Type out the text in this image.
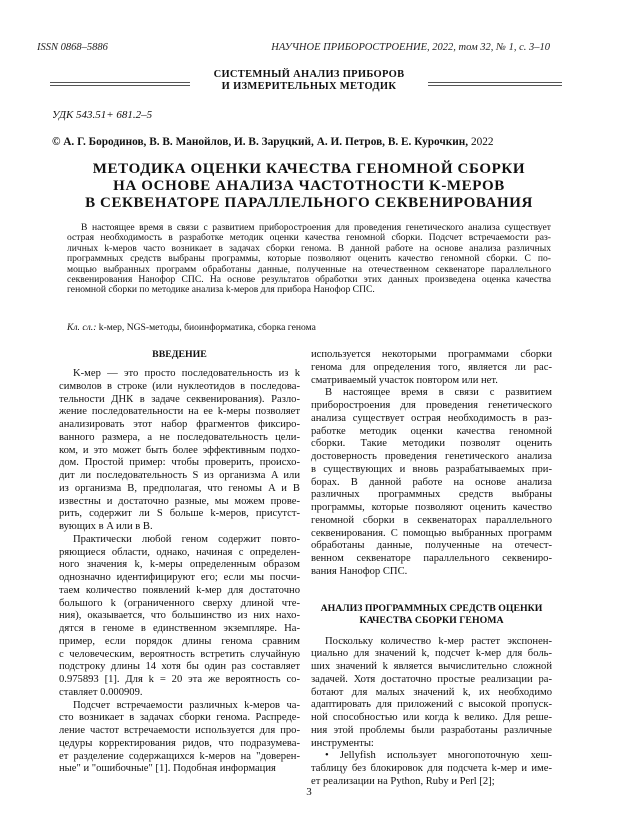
ISSN 0868–5886	НАУЧНОЕ ПРИБОРОСТРОЕНИЕ, 2022, том 32, № 1, c. 3–10
СИСТЕМНЫЙ АНАЛИЗ ПРИБОРОВ
И ИЗМЕРИТЕЛЬНЫХ МЕТОДИК
УДК 543.51+ 681.2–5
© А. Г. Бородинов, В. В. Манойлов, И. В. Заруцкий, А. И. Петров, В. Е. Курочкин, 2022
МЕТОДИКА ОЦЕНКИ КАЧЕСТВА ГЕНОМНОЙ СБОРКИ
НА ОСНОВЕ АНАЛИЗА ЧАСТОТНОСТИ K-МЕРОВ
В СЕКВЕНАТОРЕ ПАРАЛЛЕЛЬНОГО СЕКВЕНИРОВАНИЯ
В настоящее время в связи с развитием приборостроения для проведения генетического анализа существует
острая необходимость в разработке методик оценки качества геномной сборки. Подсчет встречаемости раз-
личных k-меров часто возникает в задачах сборки генома. В данной работе на основе анализа различных
программных средств выбраны программы, которые позволяют оценить качество геномной сборки. С по-
мощью выбранных программ обработаны данные, полученные на отечественном секвенаторе параллельного
секвенирования Нанофор СПС. На основе результатов обработки этих данных произведена оценка качества
геномной сборки по методике анализа k-меров для прибора Нанофор СПС.
Кл. сл.: k-мер, NGS-методы, биоинформатика, сборка генома
ВВЕДЕНИЕ
K-мер — это просто последовательность из k
символов в строке (или нуклеотидов в последова-
тельности ДНК в задаче секвенирования). Разло-
жение последовательности на ее k-меры позволяет
анализировать этот набор фрагментов фиксиро-
ванного размера, а не последовательность цели-
ком, и это может быть более эффективным подхо-
дом. Простой пример: чтобы проверить, происхо-
дит ли последовательность S из организма A или
из организма B, предполагая, что геномы A и B
известны и достаточно разные, мы можем прове-
рить, содержит ли S больше k-меров, присутст-
вующих в A или в B.
Практически любой геном содержит повто-
ряющиеся области, однако, начиная с определен-
ного значения k, k-меры определенным образом
однозначно идентифицируют его; если мы посчи-
таем количество появлений k-мер для достаточно
большого k (ограниченного сверху длиной чте-
ния), оказывается, что большинство из них нахо-
дятся в геноме в единственном экземпляре. На-
пример, если порядок длины генома сравним
с человеческим, вероятность встретить случайную
подстроку длины 14 хотя бы один раз составляет
0.975893 [1]. Для k = 20 эта же вероятность со-
ставляет 0.000909.
Подсчет встречаемости различных k-меров ча-
сто возникает в задачах сборки генома. Распреде-
ление частот встречаемости используется для про-
цедуры корректирования ри́дов, что подразумева-
ет разделение содержащихся k-меров на "доверен-
ные" и "ошибочные" [1]. Подобная информация
используется некоторыми программами сборки
генома для определения того, является ли рас-
сматриваемый участок повтором или нет.
В настоящее время в связи с развитием
приборостроения для проведения генетического
анализа существует острая необходимость в раз-
работке методик оценки качества геномной
сборки. Такие методики позволят оценить
достоверность проведения генетического анализа
в существующих и вновь разрабатываемых при-
борах. В данной работе на основе анализа
различных программных средств выбраны
программы, которые позволяют оценить качество
геномной сборки в секвенаторах параллельного
секвенирования. С помощью выбранных программ
обработаны данные, полученные на отечест-
венном секвенаторе параллельного секвениро-
вания Нанофор СПС.
АНАЛИЗ ПРОГРАММНЫХ СРЕДСТВ ОЦЕНКИ
КАЧЕСТВА СБОРКИ ГЕНОМА
Поскольку количество k-мер растет экспонен-
циально для значений k, подсчет k-мер для боль-
ших значений k является вычислительно сложной
задачей. Хотя достаточно простые реализации ра-
ботают для малых значений k, их необходимо
адаптировать для приложений с высокой пропуск-
ной способностью или когда k велико. Для реше-
ния этой проблемы были разработаны различные
инструменты:
• Jellyfish использует многопоточную хеш-
таблицу без блокировок для подсчета k-мер и име-
ет реализации на Python, Ruby и Perl [2];
3
